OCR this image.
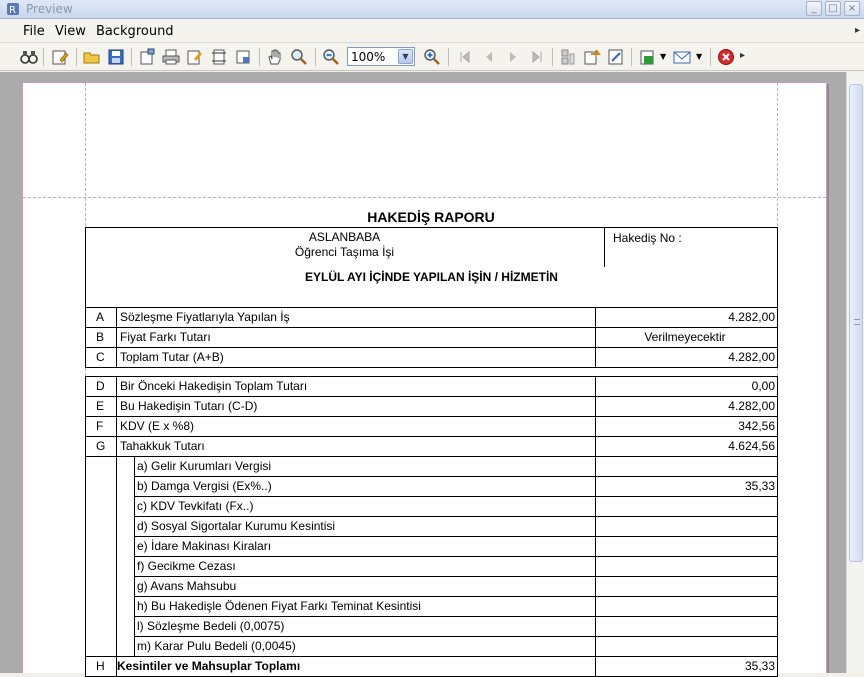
R Preview	_	□	×
File View Background	▸
100%	▼	▼	▼	▸
HAKEDİŞ RAPORU
ASLANBABA
Öğrenci Taşıma İşi
Hakediş No :
EYLÜL AYI İÇİNDE YAPILAN İŞİN / HİZMETİN
A Sözleşme Fiyatlarıyla Yapılan İş	4.282,00
B Fiyat Farkı Tutarı	Verilmeyecektir
C Toplam Tutar (A+B)	4.282,00
D Bir Önceki Hakedişin Toplam Tutarı	0,00
E Bu Hakedişin Tutarı (C-D)	4.282,00
F KDV (E x %8)	342,56
G Tahakkuk Tutarı	4.624,56
a) Gelir Kurumları Vergisi
b) Damga Vergisi (Ex%..)	35,33
c) KDV Tevkifatı (Fx..)
d) Sosyal Sigortalar Kurumu Kesintisi
e) İdare Makinası Kiraları
f) Gecikme Cezası
g) Avans Mahsubu
h) Bu Hakedişle Ödenen Fiyat Farkı Teminat Kesintisi
l) Sözleşme Bedeli (0,0075)
m) Karar Pulu Bedeli (0,0045)
H Kesintiler ve Mahsuplar Toplamı	35,33
